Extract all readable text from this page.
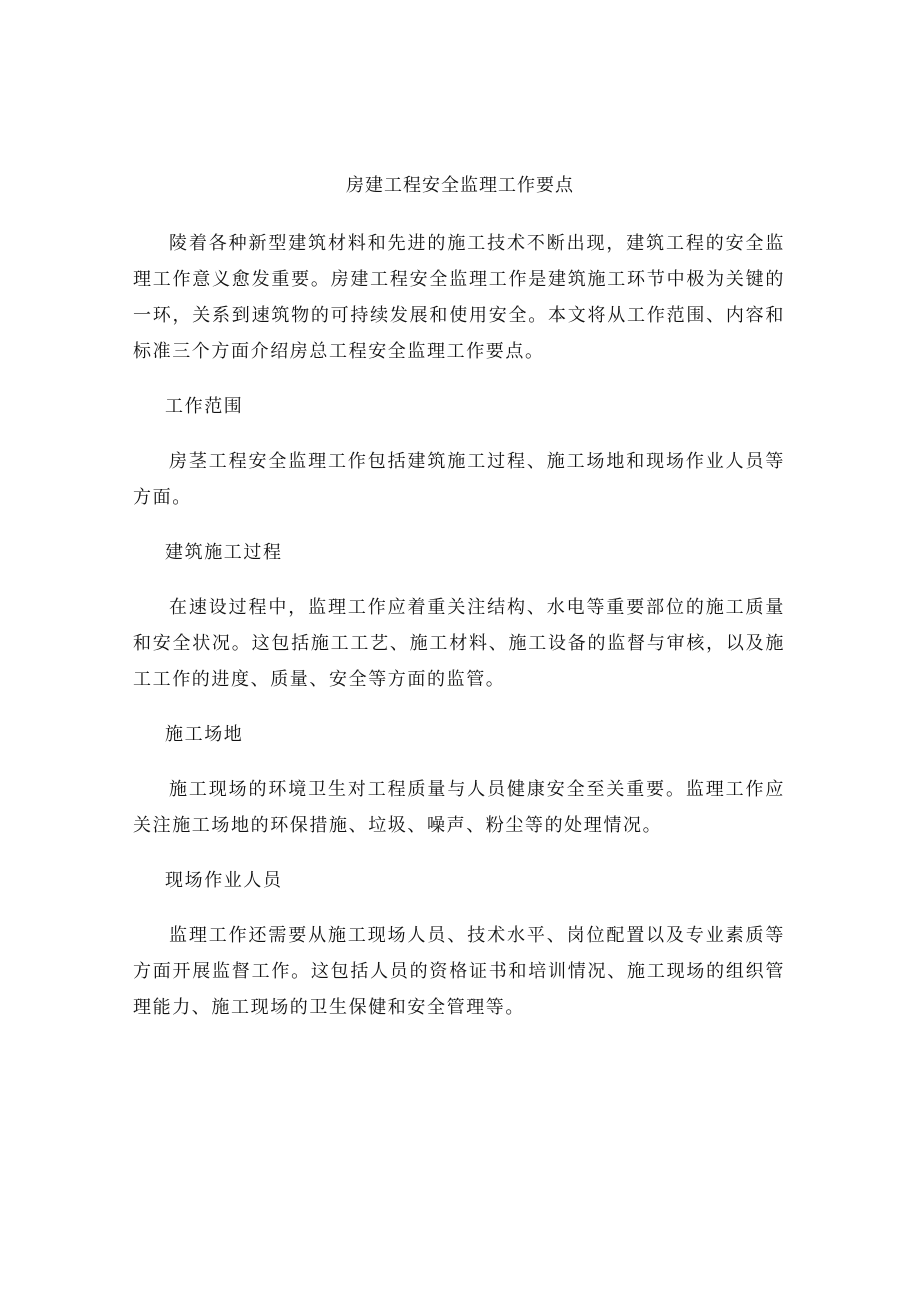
房建工程安全监理工作要点

陵着各种新型建筑材料和先进的施工技术不断出现，建筑工程的安全监理工作意义愈发重要。房建工程安全监理工作是建筑施工环节中极为关键的一环，关系到速筑物的可持续发展和使用安全。本文将从工作范围、内容和标准三个方面介绍房总工程安全监理工作要点。

工作范围

房茎工程安全监理工作包括建筑施工过程、施工场地和现场作业人员等方面。

建筑施工过程

在速设过程中，监理工作应着重关注结构、水电等重要部位的施工质量和安全状况。这包括施工工艺、施工材料、施工设备的监督与审核，以及施工工作的进度、质量、安全等方面的监管。

施工场地

施工现场的环境卫生对工程质量与人员健康安全至关重要。监理工作应关注施工场地的环保措施、垃圾、噪声、粉尘等的处理情况。

现场作业人员

监理工作还需要从施工现场人员、技术水平、岗位配置以及专业素质等方面开展监督工作。这包括人员的资格证书和培训情况、施工现场的组织管理能力、施工现场的卫生保健和安全管理等。
